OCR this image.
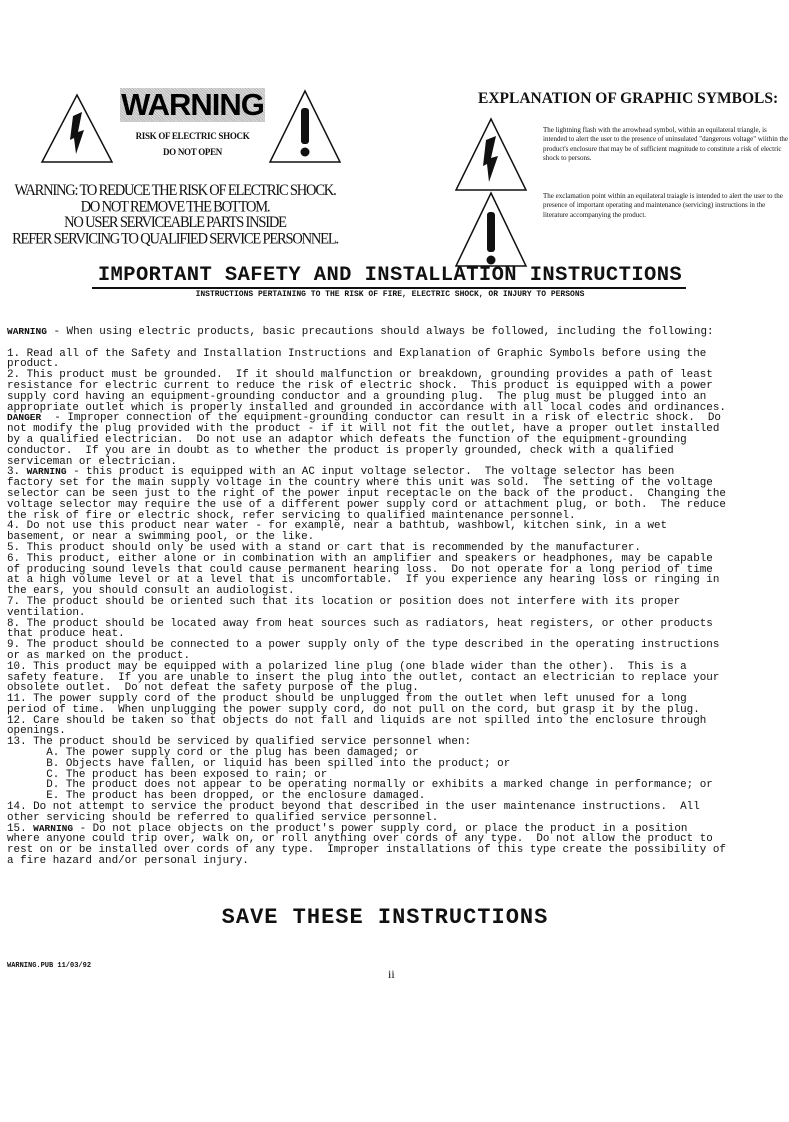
WARNING
RISK OF ELECTRIC SHOCK
DO NOT OPEN
WARNING: TO REDUCE THE RISK OF ELECTRIC SHOCK.
DO NOT REMOVE THE BOTTOM.
NO USER SERVICEABLE PARTS INSIDE
REFER SERVICING TO QUALIFIED SERVICE PERSONNEL.
EXPLANATION OF GRAPHIC SYMBOLS:
The lightning flash with the arrowhead symbol, within an equilateral triangle, is intended to alert the user to the presence of uninsulated "dangerous voltage" wiithin the product's enclosure that may be of sufficient magnitude to constitute a risk of electric shock to persons.
The exclamation point within an equilateral traiagle is intended to alert the user to the presence of important operating and maintenance (servicing) instructions in the literature accompanying the product.
IMPORTANT SAFETY AND INSTALLATION INSTRUCTIONS
INSTRUCTIONS PERTAINING TO THE RISK OF FIRE, ELECTRIC SHOCK, OR INJURY TO PERSONS
WARNING - When using electric products, basic precautions should always be followed, including the following:
1. Read all of the Safety and Installation Instructions and Explanation of Graphic Symbols before using the
product.
2. This product must be grounded.  If it should malfunction or breakdown, grounding provides a path of least
resistance for electric current to reduce the risk of electric shock.  This product is equipped with a power
supply cord having an equipment-grounding conductor and a grounding plug.  The plug must be plugged into an
appropriate outlet which is properly installed and grounded in accordance with all local codes and ordinances.
DANGER  - Improper connection of the equipment-grounding conductor can result in a risk of electric shock.  Do
not modify the plug provided with the product - if it will not fit the outlet, have a proper outlet installed
by a qualified electrician.  Do not use an adaptor which defeats the function of the equipment-grounding
conductor.  If you are in doubt as to whether the product is properly grounded, check with a qualified
serviceman or electrician.
3. WARNING - this product is equipped with an AC input voltage selector.  The voltage selector has been
factory set for the main supply voltage in the country where this unit was sold.  The setting of the voltage
selector can be seen just to the right of the power input receptacle on the back of the product.  Changing the
voltage selector may require the use of a different power supply cord or attachment plug, or both.  The reduce
the risk of fire or electric shock, refer servicing to qualified maintenance personnel.
4. Do not use this product near water - for example, near a bathtub, washbowl, kitchen sink, in a wet
basement, or near a swimming pool, or the like.
5. This product should only be used with a stand or cart that is recommended by the manufacturer.
6. This product, either alone or in combination with an amplifier and speakers or headphones, may be capable
of producing sound levels that could cause permanent hearing loss.  Do not operate for a long period of time
at a high volume level or at a level that is uncomfortable.  If you experience any hearing loss or ringing in
the ears, you should consult an audiologist.
7. The product should be oriented such that its location or position does not interfere with its proper
ventilation.
8. The product should be located away from heat sources such as radiators, heat registers, or other products
that produce heat.
9. The product should be connected to a power supply only of the type described in the operating instructions
or as marked on the product.
10. This product may be equipped with a polarized line plug (one blade wider than the other).  This is a
safety feature.  If you are unable to insert the plug into the outlet, contact an electrician to replace your
obsolete outlet.  Do not defeat the safety purpose of the plug.
11. The power supply cord of the product should be unplugged from the outlet when left unused for a long
period of time.  When unplugging the power supply cord, do not pull on the cord, but grasp it by the plug.
12. Care should be taken so that objects do not fall and liquids are not spilled into the enclosure through
openings.
13. The product should be serviced by qualified service personnel when:
A. The power supply cord or the plug has been damaged; or
B. Objects have fallen, or liquid has been spilled into the product; or
C. The product has been exposed to rain; or
D. The product does not appear to be operating normally or exhibits a marked change in performance; or
E. The product has been dropped, or the enclosure damaged.
14. Do not attempt to service the product beyond that described in the user maintenance instructions.  All
other servicing should be referred to qualified service personnel.
15. WARNING - Do not place objects on the product's power supply cord, or place the product in a position
where anyone could trip over, walk on, or roll anything over cords of any type.  Do not allow the product to
rest on or be installed over cords of any type.  Improper installations of this type create the possibility of
a fire hazard and/or personal injury.
SAVE THESE INSTRUCTIONS
WARNING.PUB 11/03/92
ii
